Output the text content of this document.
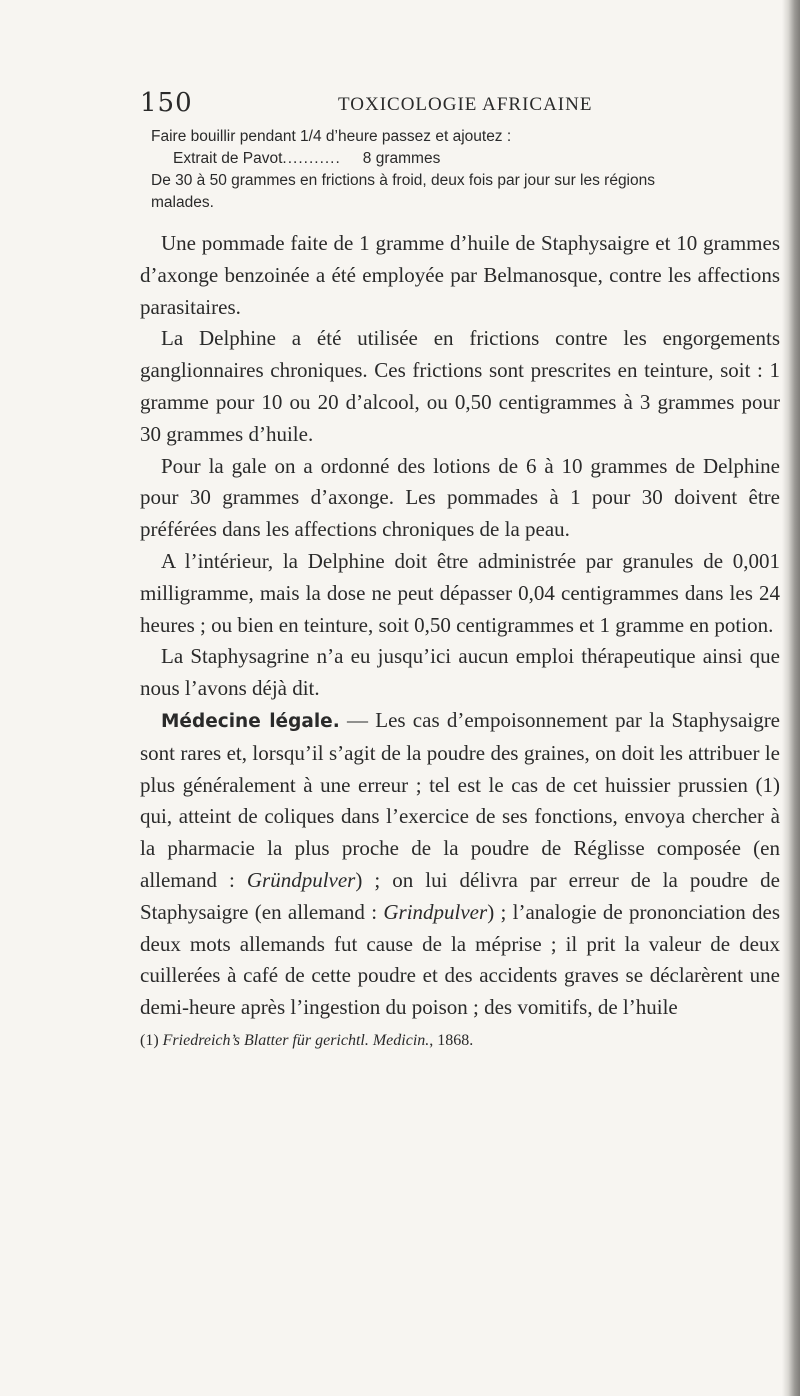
150	TOXICOLOGIE AFRICAINE
Faire bouillir pendant 1/4 d’heure passez et ajoutez :
Extrait de Pavot ........... 8 grammes
De 30 à 50 grammes en frictions à froid, deux fois par jour sur les régions
malades.

Une pommade faite de 1 gramme d’huile de Staphysaigre et 10 grammes d’axonge benzoinée a été employée par Belmanosque, contre les affections parasitaires.

La Delphine a été utilisée en frictions contre les engorgements ganglionnaires chroniques. Ces frictions sont prescrites en teinture, soit : 1 gramme pour 10 ou 20 d’alcool, ou 0,50 centigrammes à 3 grammes pour 30 grammes d’huile.

Pour la gale on a ordonné des lotions de 6 à 10 grammes de Delphine pour 30 grammes d’axonge. Les pommades à 1 pour 30 doivent être préférées dans les affections chroniques de la peau.

A l’intérieur, la Delphine doit être administrée par granules de 0,001 milligramme, mais la dose ne peut dépasser 0,04 centigrammes dans les 24 heures ; ou bien en teinture, soit 0,50 centigrammes et 1 gramme en potion.

La Staphysagrine n’a eu jusqu’ici aucun emploi thérapeutique ainsi que nous l’avons déjà dit.

Médecine légale. — Les cas d’empoisonnement par la Staphysaigre sont rares et, lorsqu’il s’agit de la poudre des graines, on doit les attribuer le plus généralement à une erreur ; tel est le cas de cet huissier prussien (1) qui, atteint de coliques dans l’exercice de ses fonctions, envoya chercher à la pharmacie la plus proche de la poudre de Réglisse composée (en allemand : Gründpulver) ; on lui délivra par erreur de la poudre de Staphysaigre (en allemand : Grindpulver) ; l’analogie de prononciation des deux mots allemands fut cause de la méprise ; il prit la valeur de deux cuillerées à café de cette poudre et des accidents graves se déclarèrent une demi-heure après l’ingestion du poison ; des vomitifs, de l’huile

(1) Friedreich’s Blatter für gerichtl. Medicin., 1868.
